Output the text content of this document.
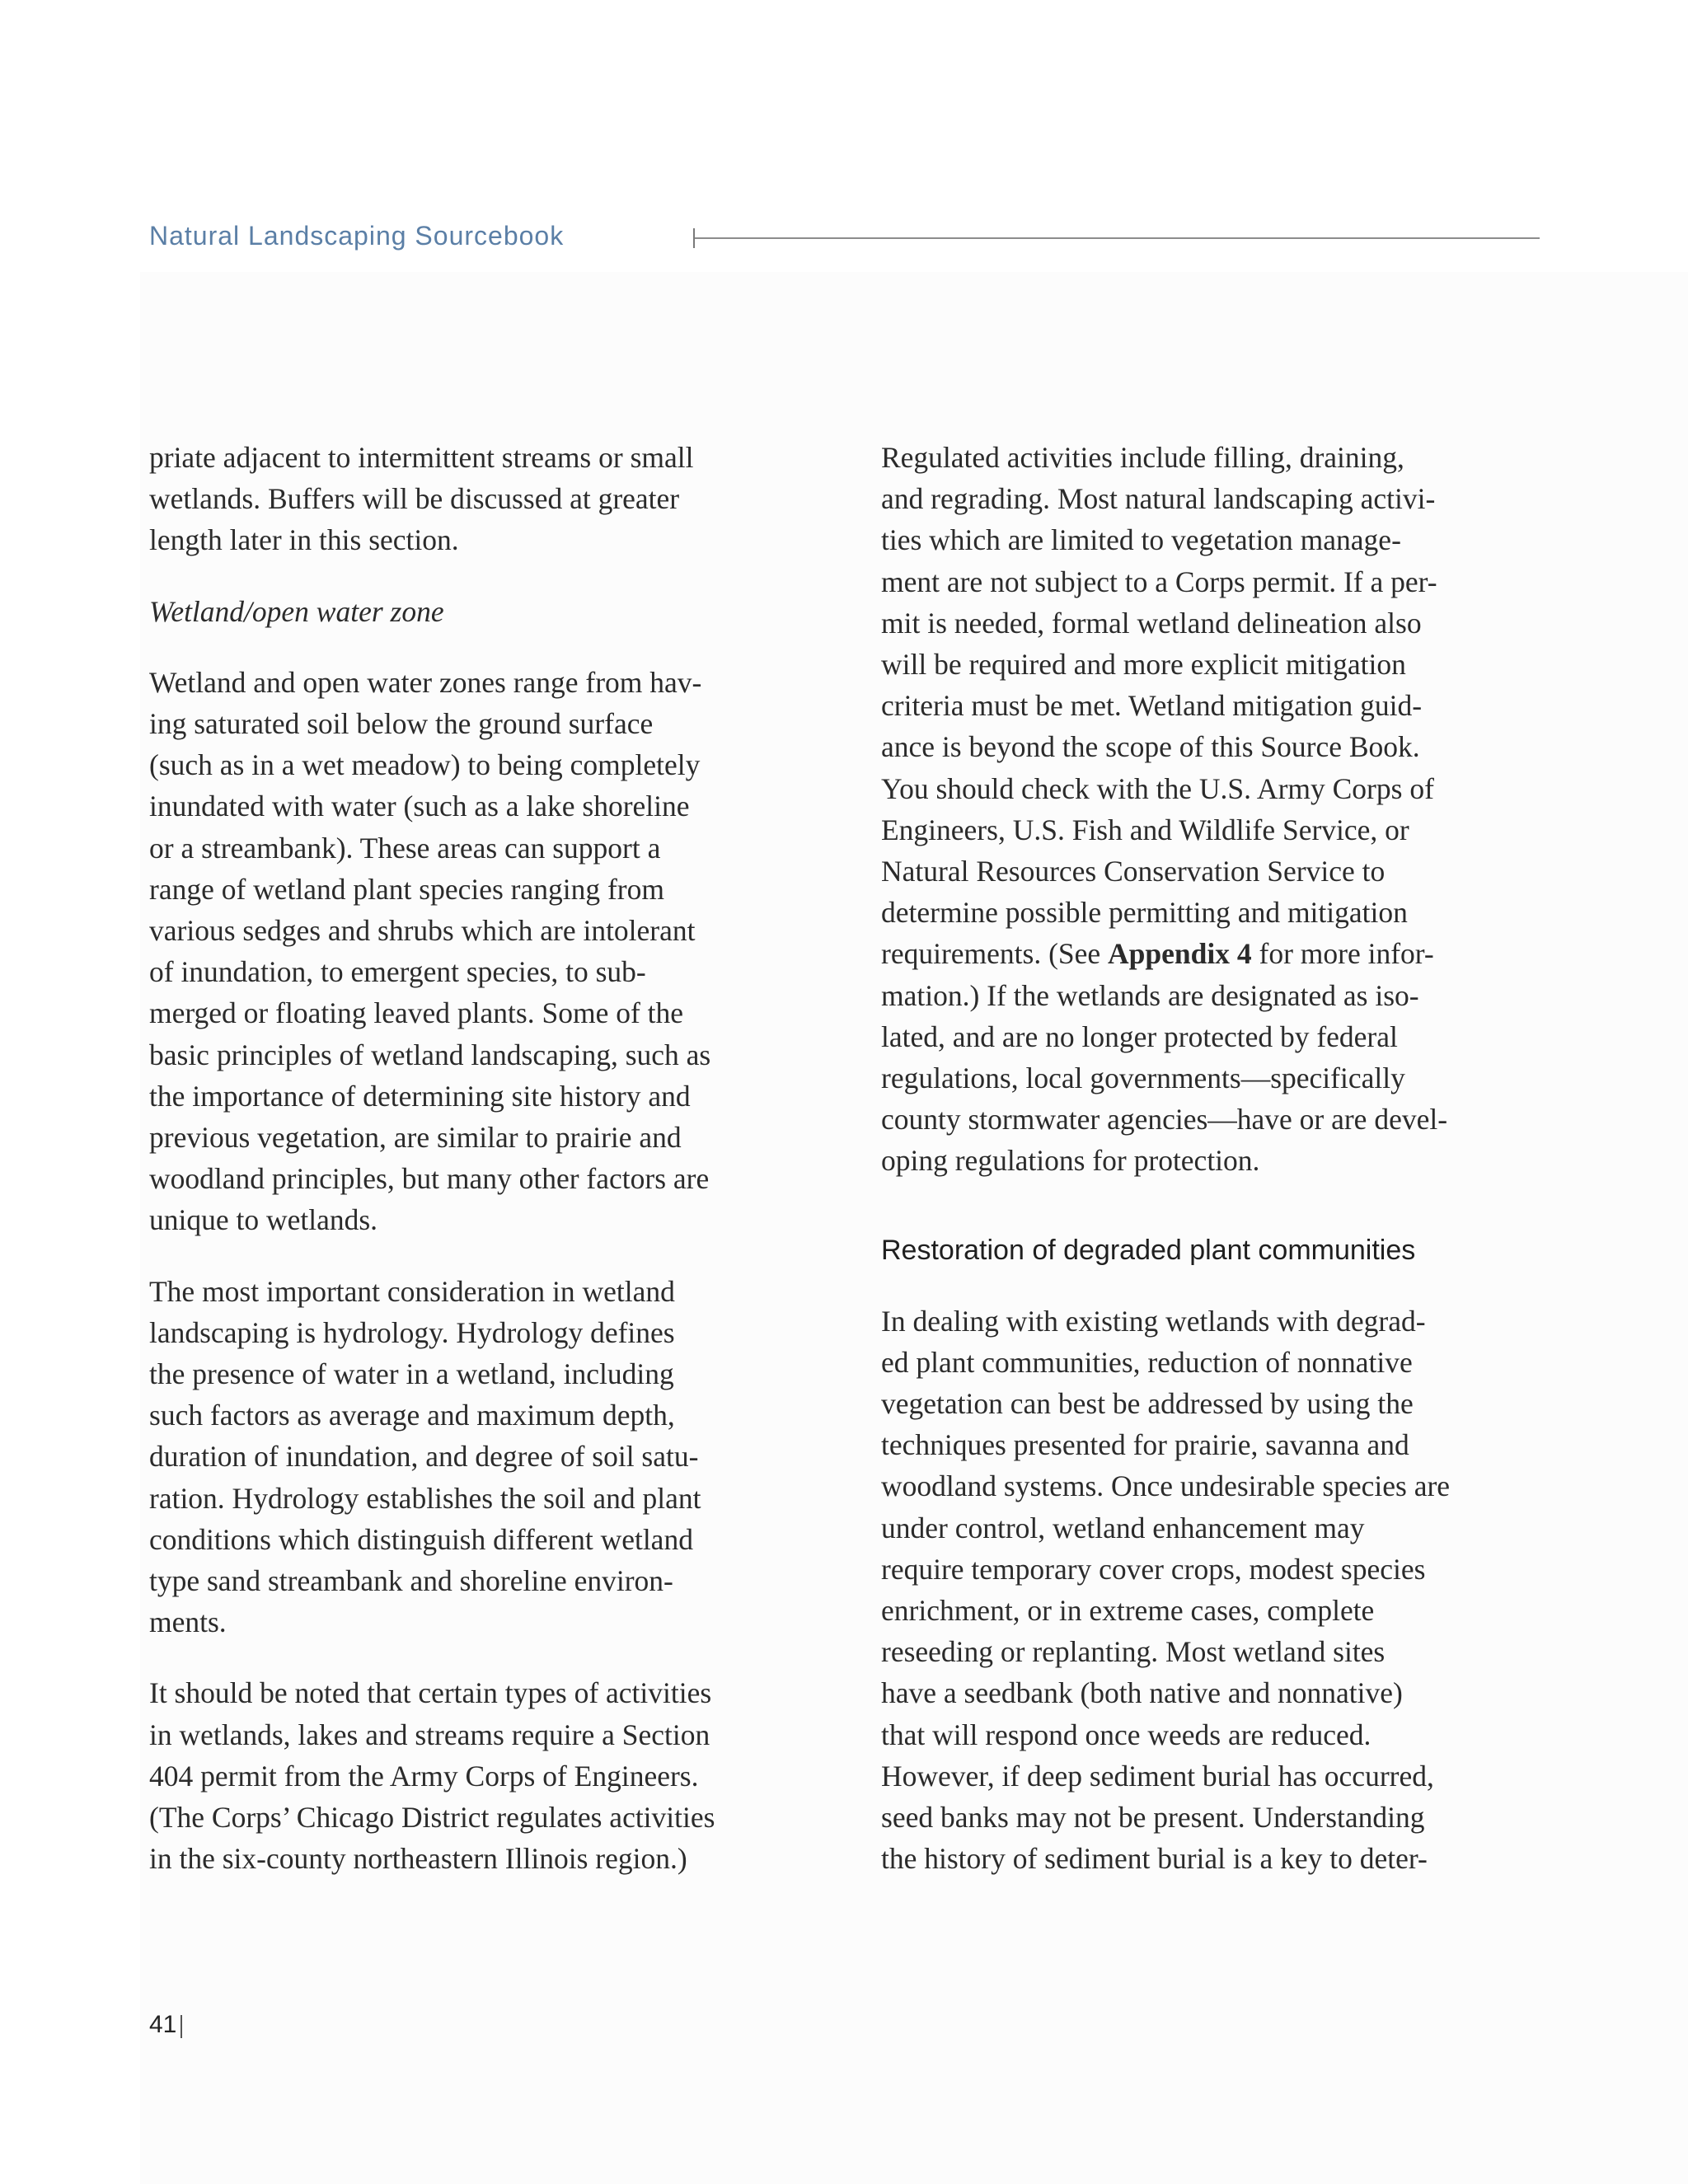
Natural Landscaping Sourcebook

priate adjacent to intermittent streams or small
wetlands. Buffers will be discussed at greater
length later in this section.

Wetland/open water zone

Wetland and open water zones range from hav-
ing saturated soil below the ground surface
(such as in a wet meadow) to being completely
inundated with water (such as a lake shoreline
or a streambank). These areas can support a
range of wetland plant species ranging from
various sedges and shrubs which are intolerant
of inundation, to emergent species, to sub-
merged or floating leaved plants. Some of the
basic principles of wetland landscaping, such as
the importance of determining site history and
previous vegetation, are similar to prairie and
woodland principles, but many other factors are
unique to wetlands.

The most important consideration in wetland
landscaping is hydrology. Hydrology defines
the presence of water in a wetland, including
such factors as average and maximum depth,
duration of inundation, and degree of soil satu-
ration. Hydrology establishes the soil and plant
conditions which distinguish different wetland
type sand streambank and shoreline environ-
ments.

It should be noted that certain types of activities
in wetlands, lakes and streams require a Section
404 permit from the Army Corps of Engineers.
(The Corps’ Chicago District regulates activities
in the six-county northeastern Illinois region.)

Regulated activities include filling, draining,
and regrading. Most natural landscaping activi-
ties which are limited to vegetation manage-
ment are not subject to a Corps permit. If a per-
mit is needed, formal wetland delineation also
will be required and more explicit mitigation
criteria must be met. Wetland mitigation guid-
ance is beyond the scope of this Source Book.
You should check with the U.S. Army Corps of
Engineers, U.S. Fish and Wildlife Service, or
Natural Resources Conservation Service to
determine possible permitting and mitigation
requirements. (See Appendix 4 for more infor-
mation.) If the wetlands are designated as iso-
lated, and are no longer protected by federal
regulations, local governments—specifically
county stormwater agencies—have or are devel-
oping regulations for protection.

Restoration of degraded plant communities

In dealing with existing wetlands with degrad-
ed plant communities, reduction of nonnative
vegetation can best be addressed by using the
techniques presented for prairie, savanna and
woodland systems. Once undesirable species are
under control, wetland enhancement may
require temporary cover crops, modest species
enrichment, or in extreme cases, complete
reseeding or replanting. Most wetland sites
have a seedbank (both native and nonnative)
that will respond once weeds are reduced.
However, if deep sediment burial has occurred,
seed banks may not be present. Understanding
the history of sediment burial is a key to deter-

41
